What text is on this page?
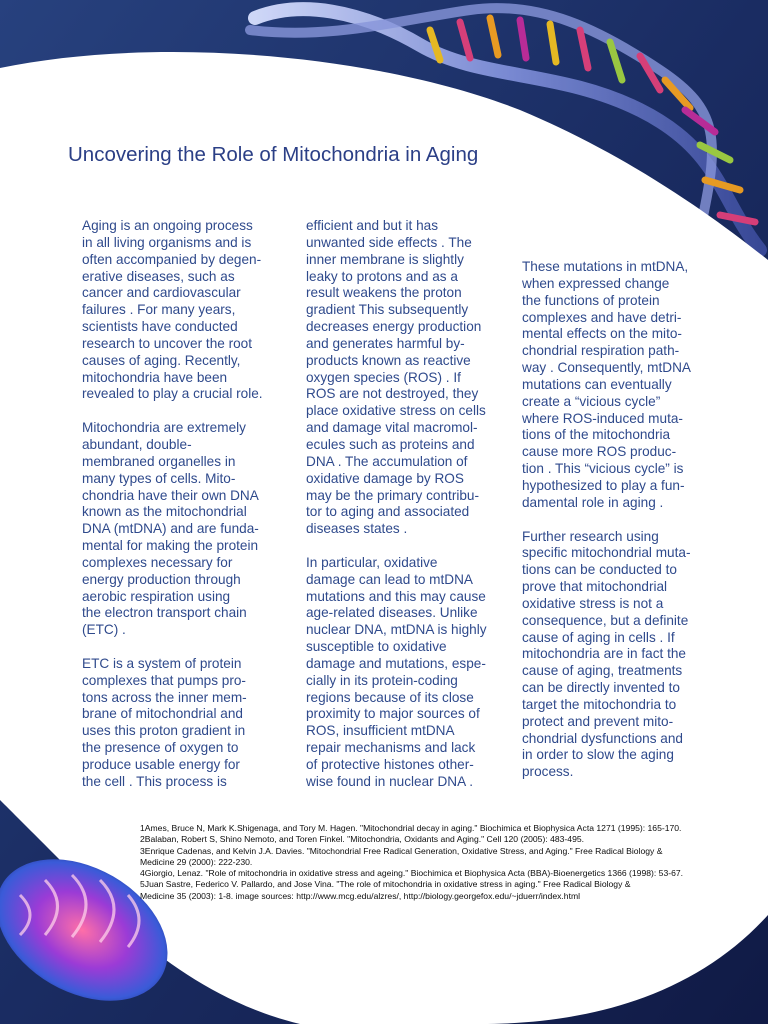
Uncovering the Role of Mitochondria in Aging

Aging is an ongoing process
in all living organisms and is
often accompanied by degen-
erative diseases, such as
cancer and cardiovascular
failures . For many years,
scientists have conducted
research to uncover the root
causes of aging. Recently,
mitochondria have been
revealed to play a crucial role.

Mitochondria are extremely
abundant, double-
membraned organelles in
many types of cells. Mito-
chondria have their own DNA
known as the mitochondrial
DNA (mtDNA) and are funda-
mental for making the protein
complexes necessary for
energy production through
aerobic respiration using
the electron transport chain
(ETC) .

ETC is a system of protein
complexes that pumps pro-
tons across the inner mem-
brane of mitochondrial and
uses this proton gradient in
the presence of oxygen to
produce usable energy for
the cell . This process is

efficient and but it has
unwanted side effects . The
inner membrane is slightly
leaky to protons and as a
result weakens the proton
gradient This subsequently
decreases energy production
and generates harmful by-
products known as reactive
oxygen species (ROS) . If
ROS are not destroyed, they
place oxidative stress on cells
and damage vital macromol-
ecules such as proteins and
DNA . The accumulation of
oxidative damage by ROS
may be the primary contribu-
tor to aging and associated
diseases states .

In particular, oxidative
damage can lead to mtDNA
mutations and this may cause
age-related diseases. Unlike
nuclear DNA, mtDNA is highly
susceptible to oxidative
damage and mutations, espe-
cially in its protein-coding
regions because of its close
proximity to major sources of
ROS, insufficient mtDNA
repair mechanisms and lack
of protective histones other-
wise found in nuclear DNA .

These mutations in mtDNA,
when expressed change
the functions of protein
complexes and have detri-
mental effects on the mito-
chondrial respiration path-
way . Consequently, mtDNA
mutations can eventually
create a “vicious cycle”
where ROS-induced muta-
tions of the mitochondria
cause more ROS produc-
tion . This “vicious cycle” is
hypothesized to play a fun-
damental role in aging .

Further research using
specific mitochondrial muta-
tions can be conducted to
prove that mitochondrial
oxidative stress is not a
consequence, but a definite
cause of aging in cells . If
mitochondria are in fact the
cause of aging, treatments
can be directly invented to
target the mitochondria to
protect and prevent mito-
chondrial dysfunctions and
in order to slow the aging
process.

1Ames, Bruce N, Mark K.Shigenaga, and Tory M. Hagen. "Mitochondrial decay in aging." Biochimica et Biophysica Acta 1271 (1995): 165-170.
2Balaban, Robert S, Shino Nemoto, and Toren Finkel. "Mitochondria, Oxidants and Aging." Cell 120 (2005): 483-495.
3Enrique Cadenas, and Kelvin J.A. Davies. "Mitochondrial Free Radical Generation, Oxidative Stress, and Aging." Free Radical Biology &
Medicine 29 (2000): 222-230.
4Giorgio, Lenaz. "Role of mitochondria in oxidative stress and ageing." Biochimica et Biophysica Acta (BBA)-Bioenergetics 1366 (1998): 53-67.
5Juan Sastre, Federico V. Pallardo, and Jose Vina. "The role of mitochondria in oxidative stress in aging." Free Radical Biology &
Medicine 35 (2003): 1-8. image sources: http://www.mcg.edu/alzres/, http://biology.georgefox.edu/~jduerr/index.html
